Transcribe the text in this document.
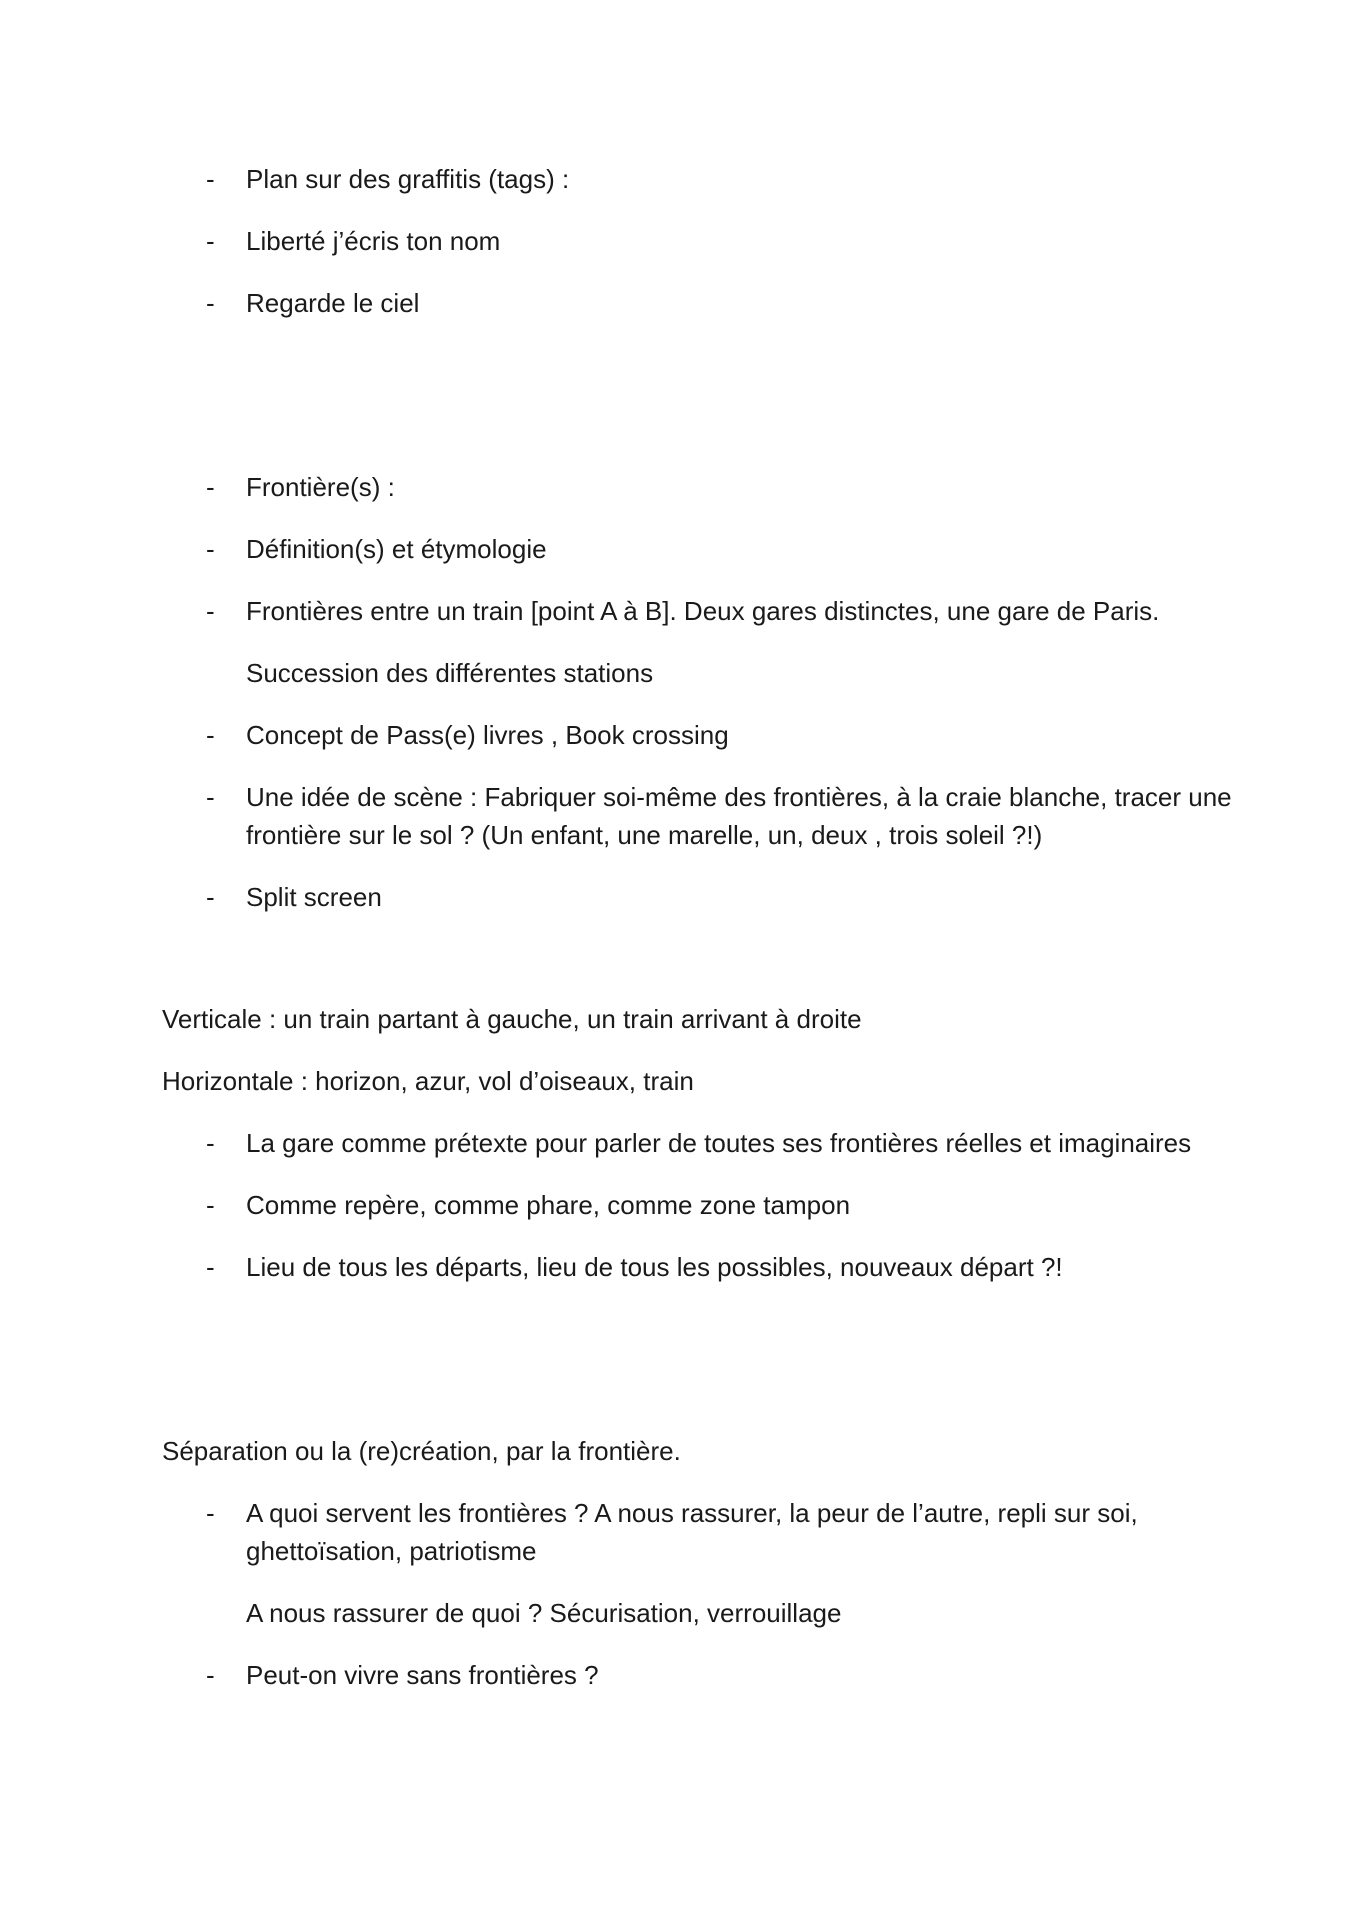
- Plan sur des graffitis (tags) :
- Liberté j’écris ton nom
- Regarde le ciel
- Frontière(s) :
- Définition(s) et étymologie
- Frontières entre un train [point A à B]. Deux gares distinctes, une gare de Paris.
Succession des différentes stations
- Concept de Pass(e) livres , Book crossing
- Une idée de scène : Fabriquer soi-même des frontières, à la craie blanche, tracer une
frontière sur le sol ? (Un enfant, une marelle, un, deux , trois soleil ?!)
- Split screen
Verticale : un train partant à gauche, un train arrivant à droite
Horizontale : horizon, azur, vol d’oiseaux, train
- La gare comme prétexte pour parler de toutes ses frontières réelles et imaginaires
- Comme repère, comme phare, comme zone tampon
- Lieu de tous les départs, lieu de tous les possibles, nouveaux départ ?!
Séparation ou la (re)création, par la frontière.
- A quoi servent les frontières ? A nous rassurer, la peur de l’autre, repli sur soi,
ghettoïsation, patriotisme
A nous rassurer de quoi ? Sécurisation, verrouillage
- Peut-on vivre sans frontières ?
